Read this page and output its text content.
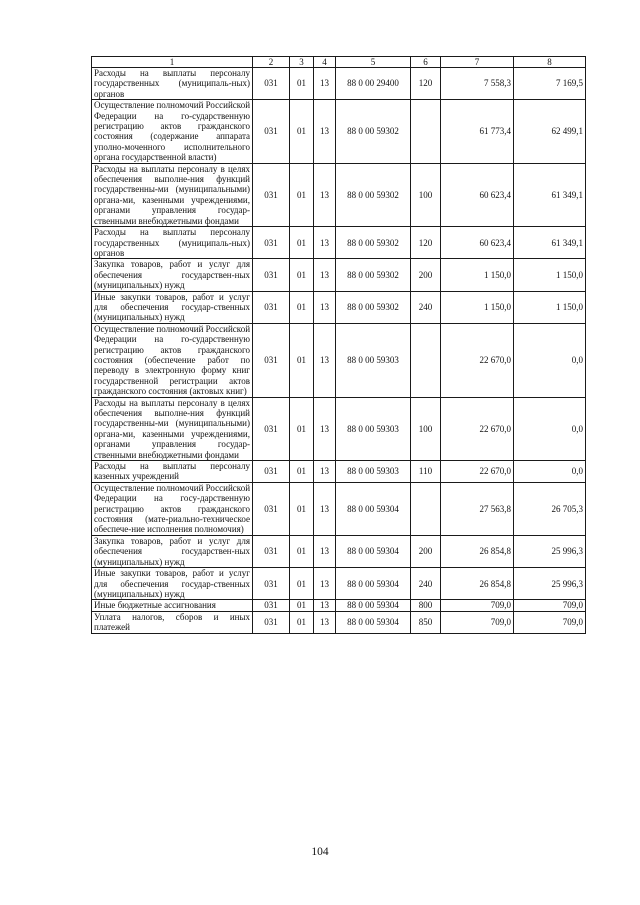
1	2	3	4	5	6	7	8
Расходы на выплаты персоналу государственных (муниципаль-ных) органов	031	01	13	88 0 00 29400	120	7 558,3	7 169,5
Осуществление полномочий Российской Федерации на го-сударственную регистрацию актов гражданского состояния (содержание аппарата уполно-моченного исполнительного органа государственной власти)	031	01	13	88 0 00 59302		61 773,4	62 499,1
Расходы на выплаты персоналу в целях обеспечения выполне-ния функций государственны-ми (муниципальными) органа-ми, казенными учреждениями, органами управления государ-ственными внебюджетными фондами	031	01	13	88 0 00 59302	100	60 623,4	61 349,1
Расходы на выплаты персоналу государственных (муниципаль-ных) органов	031	01	13	88 0 00 59302	120	60 623,4	61 349,1
Закупка товаров, работ и услуг для обеспечения государствен-ных (муниципальных) нужд	031	01	13	88 0 00 59302	200	1 150,0	1 150,0
Иные закупки товаров, работ и услуг для обеспечения государ-ственных (муниципальных) нужд	031	01	13	88 0 00 59302	240	1 150,0	1 150,0
Осуществление полномочий Российской Федерации на го-сударственную регистрацию актов гражданского состояния (обеспечение работ по переводу в электронную форму книг государственной регистрации актов гражданского состояния (актовых книг)	031	01	13	88 0 00 59303		22 670,0	0,0
Расходы на выплаты персоналу в целях обеспечения выполне-ния функций государственны-ми (муниципальными) органа-ми, казенными учреждениями, органами управления государ-ственными внебюджетными фондами	031	01	13	88 0 00 59303	100	22 670,0	0,0
Расходы на выплаты персоналу казенных учреждений	031	01	13	88 0 00 59303	110	22 670,0	0,0
Осуществление полномочий Российской Федерации на госу-дарственную регистрацию актов гражданского состояния (мате-риально-техническое обеспече-ние исполнения полномочия)	031	01	13	88 0 00 59304		27 563,8	26 705,3
Закупка товаров, работ и услуг для обеспечения государствен-ных (муниципальных) нужд	031	01	13	88 0 00 59304	200	26 854,8	25 996,3
Иные закупки товаров, работ и услуг для обеспечения государ-ственных (муниципальных) нужд	031	01	13	88 0 00 59304	240	26 854,8	25 996,3
Иные бюджетные ассигнования	031	01	13	88 0 00 59304	800	709,0	709,0
Уплата налогов, сборов и иных платежей	031	01	13	88 0 00 59304	850	709,0	709,0
104
